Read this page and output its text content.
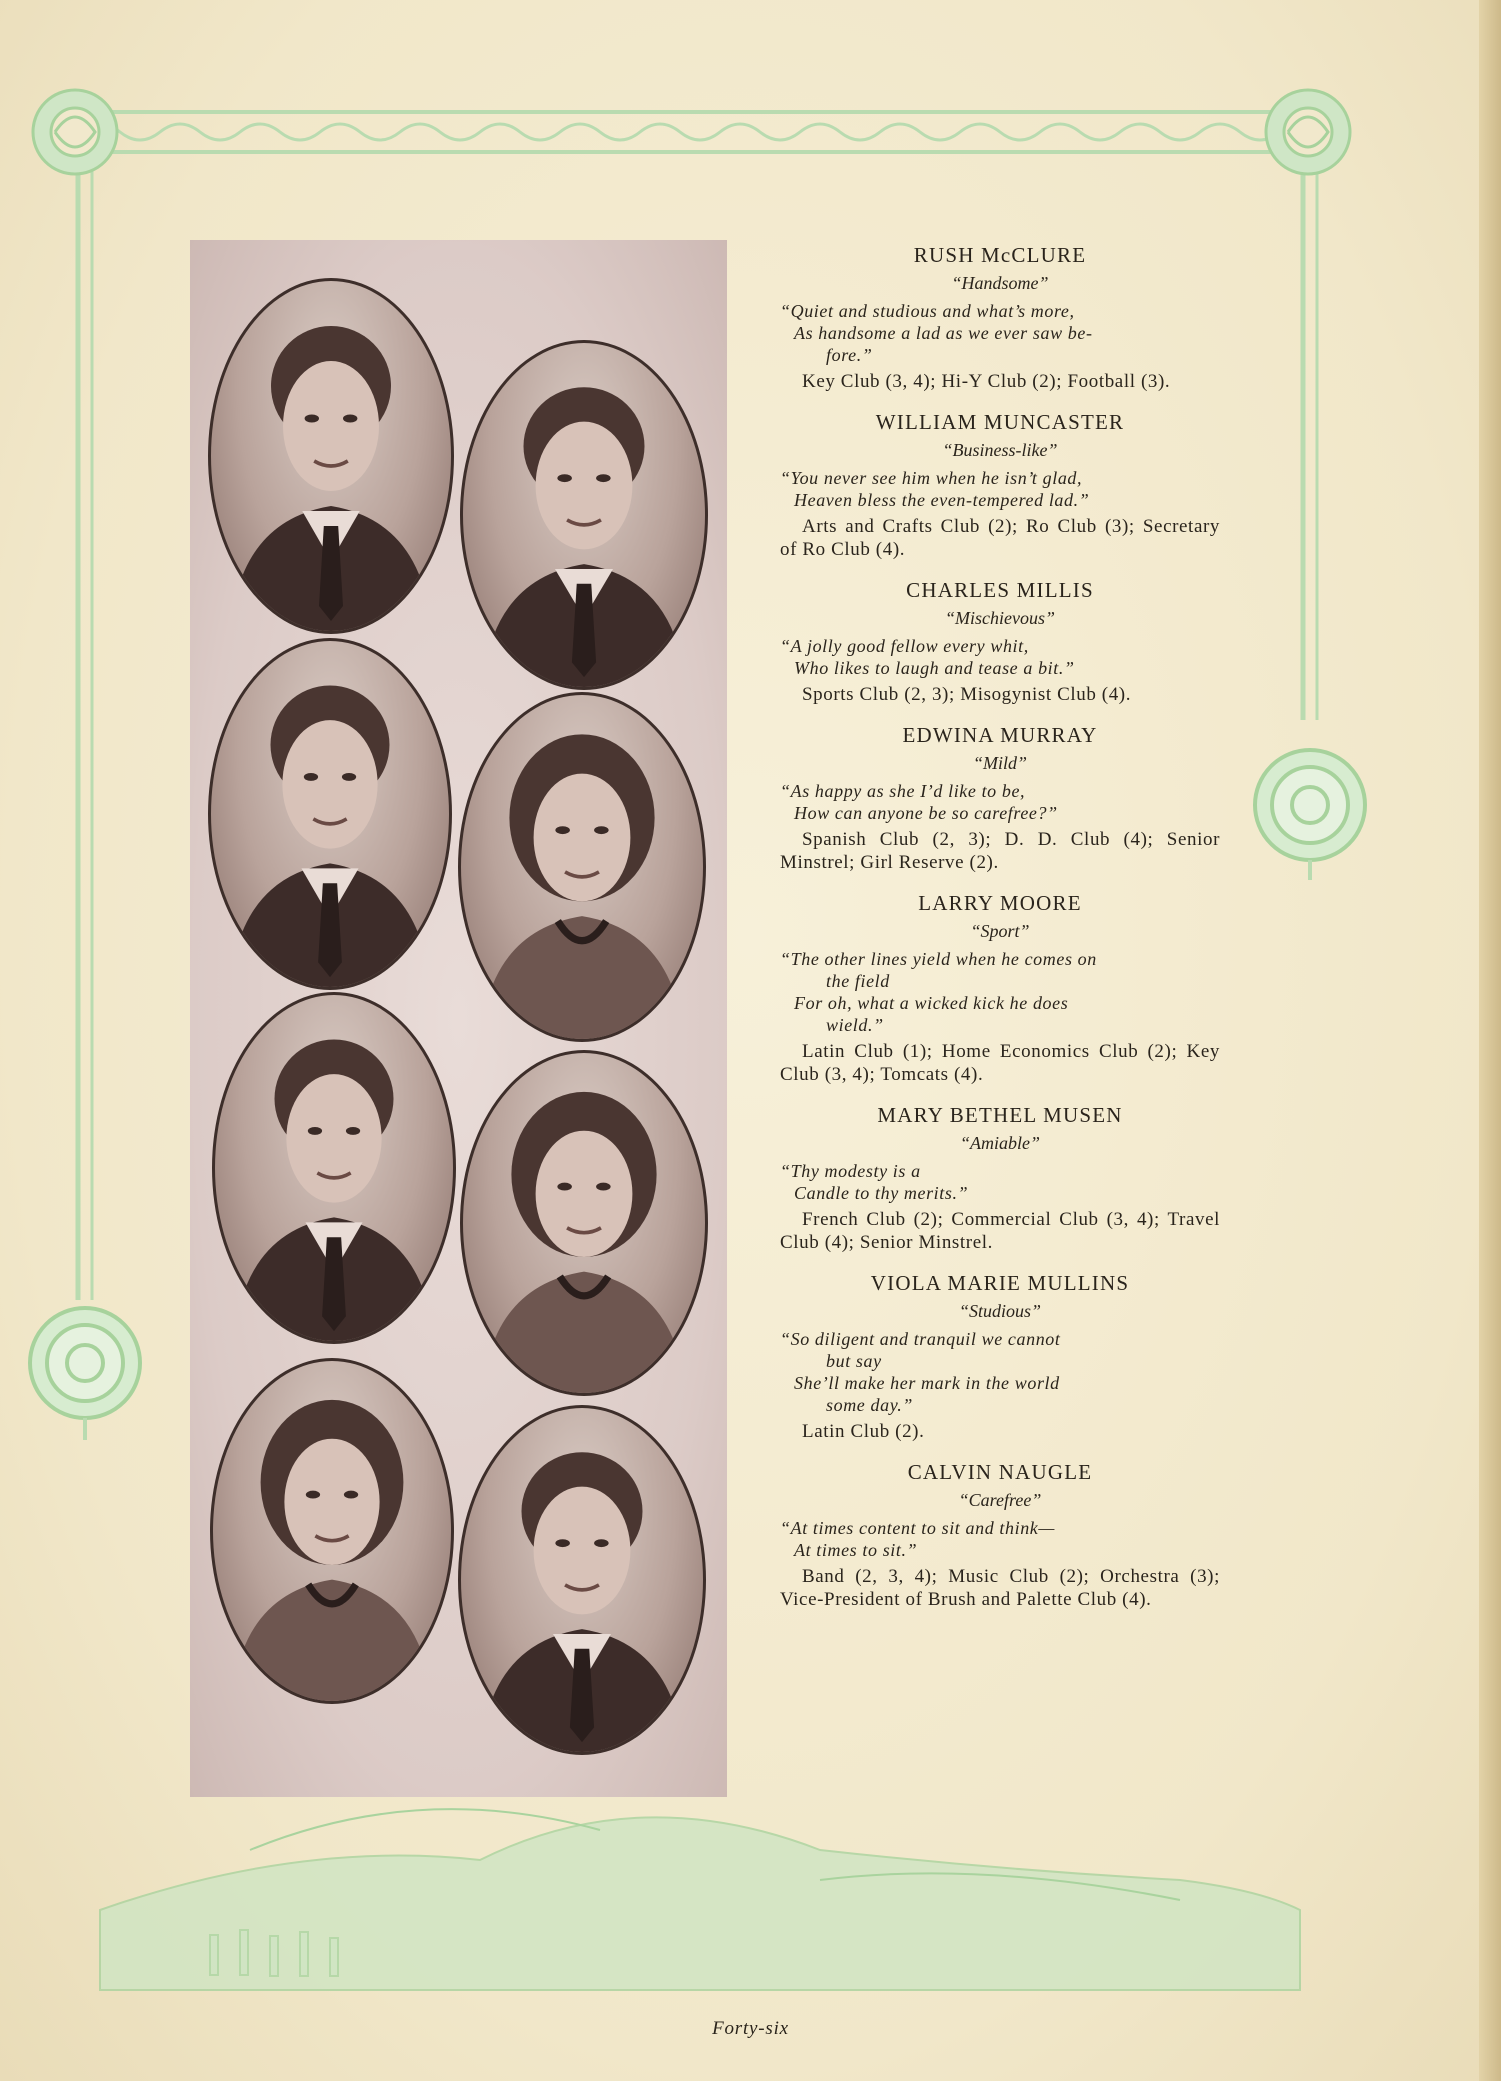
RUSH McCLURE
“Handsome”
“Quiet and studious and what’s more,
As handsome a lad as we ever saw be-
fore.”
Key Club (3, 4); Hi-Y Club (2); Football (3).
WILLIAM MUNCASTER
“Business-like”
“You never see him when he isn’t glad,
Heaven bless the even-tempered lad.”
Arts and Crafts Club (2); Ro Club (3); Secretary of Ro Club (4).
CHARLES MILLIS
“Mischievous”
“A jolly good fellow every whit,
Who likes to laugh and tease a bit.”
Sports Club (2, 3); Misogynist Club (4).
EDWINA MURRAY
“Mild”
“As happy as she I’d like to be,
How can anyone be so carefree?”
Spanish Club (2, 3); D. D. Club (4); Senior Minstrel; Girl Reserve (2).
LARRY MOORE
“Sport”
“The other lines yield when he comes on
the field
For oh, what a wicked kick he does
wield.”
Latin Club (1); Home Economics Club (2); Key Club (3, 4); Tomcats (4).
MARY BETHEL MUSEN
“Amiable”
“Thy modesty is a
Candle to thy merits.”
French Club (2); Commercial Club (3, 4); Travel Club (4); Senior Minstrel.
VIOLA MARIE MULLINS
“Studious”
“So diligent and tranquil we cannot
but say
She’ll make her mark in the world
some day.”
Latin Club (2).
CALVIN NAUGLE
“Carefree”
“At times content to sit and think—
At times to sit.”
Band (2, 3, 4); Music Club (2); Orchestra (3); Vice-President of Brush and Palette Club (4).
Forty-six
